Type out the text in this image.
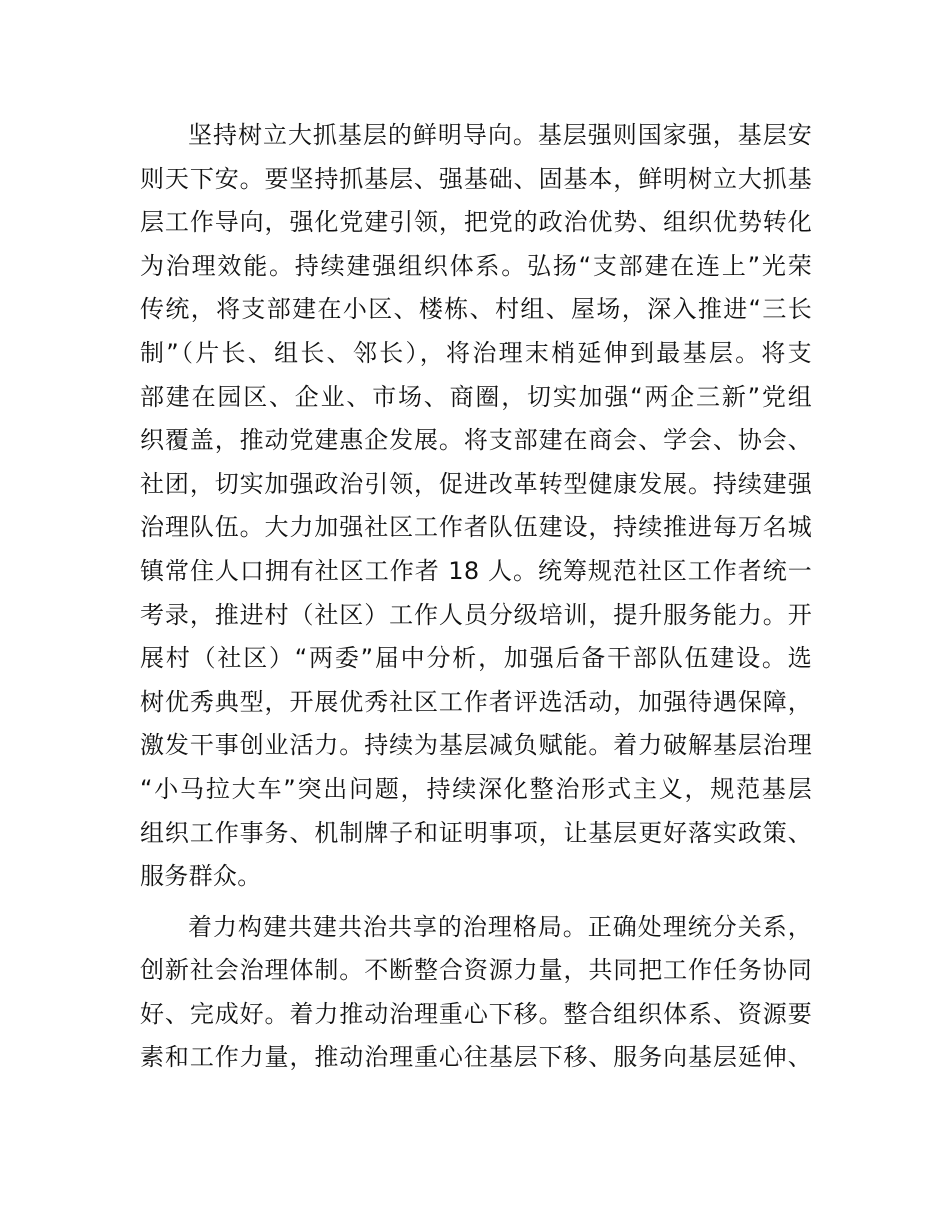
坚持树立大抓基层的鲜明导向。基层强则国家强，基层安
则天下安。要坚持抓基层、强基础、固基本，鲜明树立大抓基
层工作导向，强化党建引领，把党的政治优势、组织优势转化
为治理效能。持续建强组织体系。弘扬“支部建在连上”光荣
传统，将支部建在小区、楼栋、村组、屋场，深入推进“三长
制”（片长、组长、邻长），将治理末梢延伸到最基层。将支
部建在园区、企业、市场、商圈，切实加强“两企三新”党组
织覆盖，推动党建惠企发展。将支部建在商会、学会、协会、
社团，切实加强政治引领，促进改革转型健康发展。持续建强
治理队伍。大力加强社区工作者队伍建设，持续推进每万名城
镇常住人口拥有社区工作者 18 人。统筹规范社区工作者统一
考录，推进村（社区）工作人员分级培训，提升服务能力。开
展村（社区）“两委”届中分析，加强后备干部队伍建设。选
树优秀典型，开展优秀社区工作者评选活动，加强待遇保障，
激发干事创业活力。持续为基层减负赋能。着力破解基层治理
“小马拉大车”突出问题，持续深化整治形式主义，规范基层
组织工作事务、机制牌子和证明事项，让基层更好落实政策、
服务群众。

着力构建共建共治共享的治理格局。正确处理统分关系，
创新社会治理体制。不断整合资源力量，共同把工作任务协同
好、完成好。着力推动治理重心下移。整合组织体系、资源要
素和工作力量，推动治理重心往基层下移、服务向基层延伸、
